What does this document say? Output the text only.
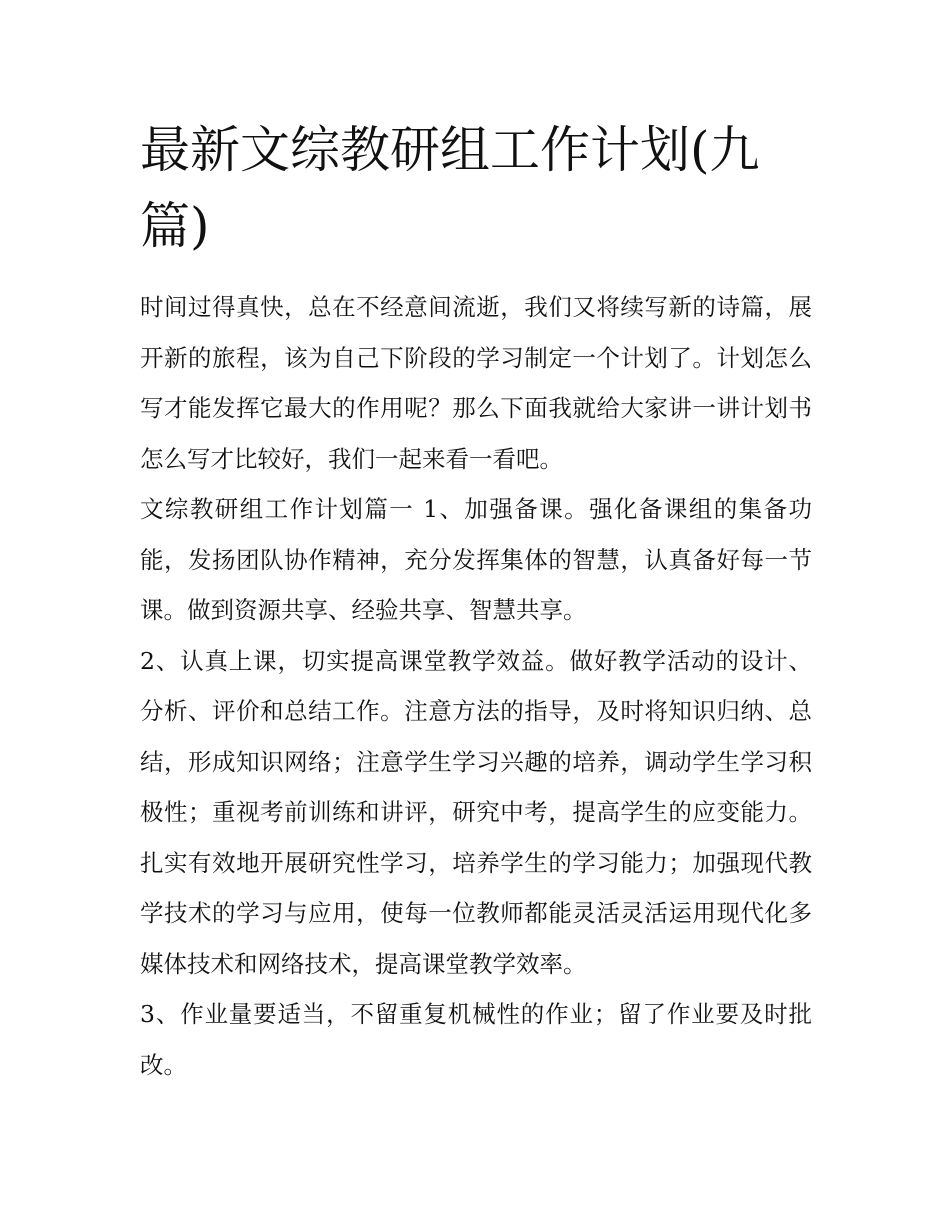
最新文综教研组工作计划(九篇)

时间过得真快，总在不经意间流逝，我们又将续写新的诗篇，展开新的旅程，该为自己下阶段的学习制定一个计划了。计划怎么写才能发挥它最大的作用呢？那么下面我就给大家讲一讲计划书怎么写才比较好，我们一起来看一看吧。

文综教研组工作计划篇一 1、加强备课。强化备课组的集备功能，发扬团队协作精神，充分发挥集体的智慧，认真备好每一节课。做到资源共享、经验共享、智慧共享。

2、认真上课，切实提高课堂教学效益。做好教学活动的设计、分析、评价和总结工作。注意方法的指导，及时将知识归纳、总结，形成知识网络；注意学生学习兴趣的培养，调动学生学习积极性；重视考前训练和讲评，研究中考，提高学生的应变能力。扎实有效地开展研究性学习，培养学生的学习能力；加强现代教学技术的学习与应用，使每一位教师都能灵活灵活运用现代化多媒体技术和网络技术，提高课堂教学效率。

3、作业量要适当，不留重复机械性的作业；留了作业要及时批改。
